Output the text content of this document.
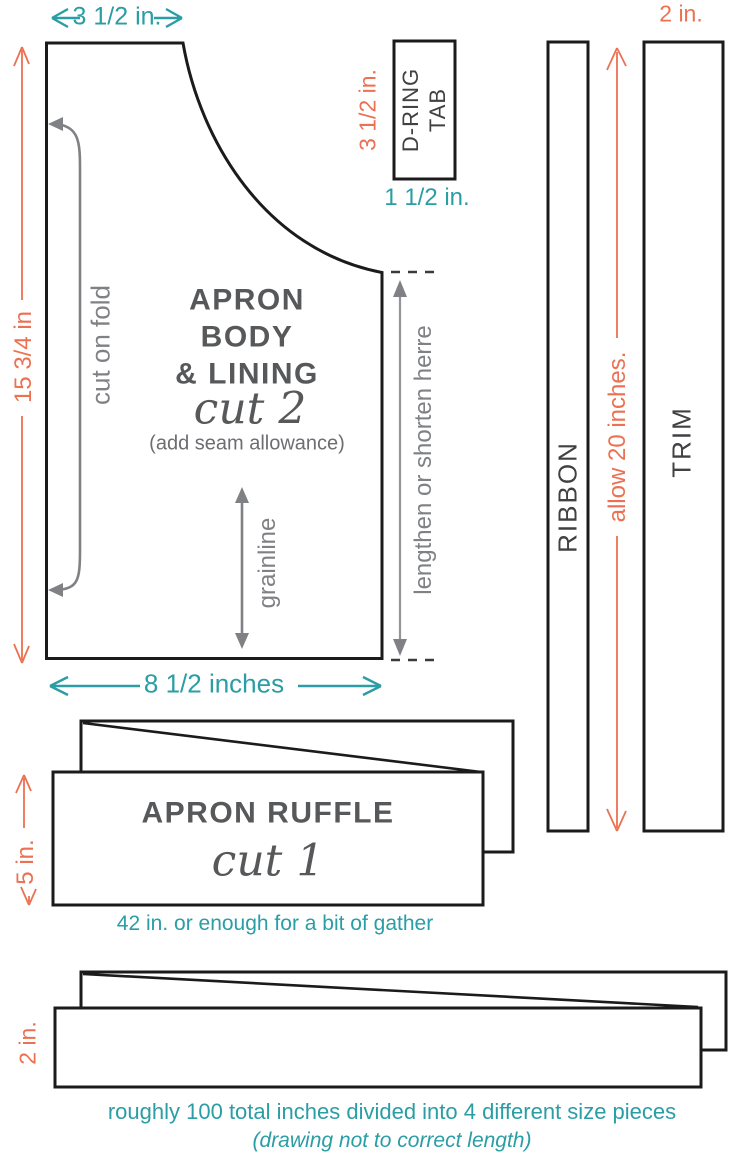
3 1/2 in.
15 3/4 in cut on fold	APRON
BODY
& LINING
cut 2
(add seam allowance)
grainline	lengthen or shorten herre
8 1/2 inches
3 1/2 in. D-RING TAB
1 1/2 in.
2 in.
RIBBON allow 20 inches. TRIM
5 in.
APRON RUFFLE
cut 1
42 in. or enough for a bit of gather
2 in.
roughly 100 total inches divided into 4 different size pieces
(drawing not to correct length)
